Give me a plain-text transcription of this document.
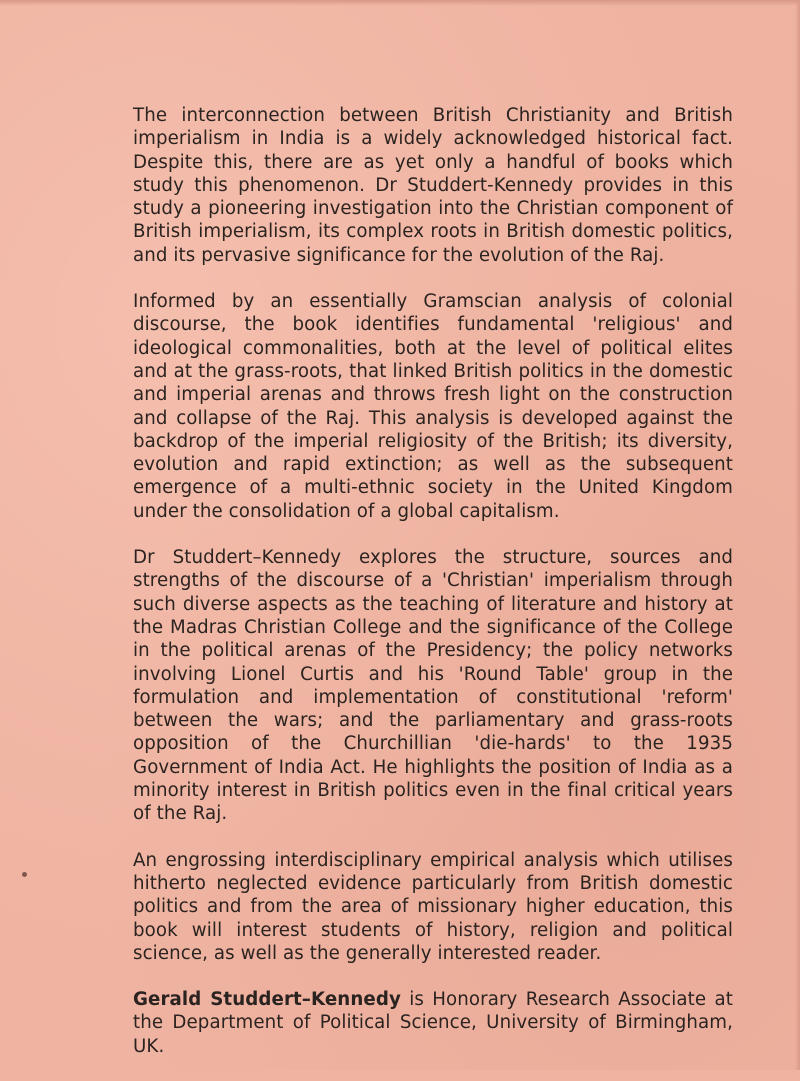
The interconnection between British Christianity and British imperialism in India is a widely acknowledged historical fact. Despite this, there are as yet only a handful of books which study this phenomenon. Dr Studdert-Kennedy provides in this study a pioneering investigation into the Christian component of British imperialism, its complex roots in British domestic politics, and its pervasive significance for the evolution of the Raj.

Informed by an essentially Gramscian analysis of colonial discourse, the book identifies fundamental 'religious' and ideological commonalities, both at the level of political elites and at the grass-roots, that linked British politics in the domestic and imperial arenas and throws fresh light on the construction and collapse of the Raj. This analysis is developed against the backdrop of the imperial religiosity of the British; its diversity, evolution and rapid extinction; as well as the subsequent emergence of a multi-ethnic society in the United Kingdom under the consolidation of a global capitalism.

Dr Studdert–Kennedy explores the structure, sources and strengths of the discourse of a 'Christian' imperialism through such diverse aspects as the teaching of literature and history at the Madras Christian College and the significance of the College in the political arenas of the Presidency; the policy networks involving Lionel Curtis and his 'Round Table' group in the formulation and implementation of constitutional 'reform' between the wars; and the parliamentary and grass-roots opposition of the Churchillian 'die-hards' to the 1935 Government of India Act. He highlights the position of India as a minority interest in British politics even in the final critical years of the Raj.

An engrossing interdisciplinary empirical analysis which utilises hitherto neglected evidence particularly from British domestic politics and from the area of missionary higher education, this book will interest students of history, religion and political science, as well as the generally interested reader.

Gerald Studdert–Kennedy is Honorary Research Associate at the Department of Political Science, University of Birmingham, UK.
